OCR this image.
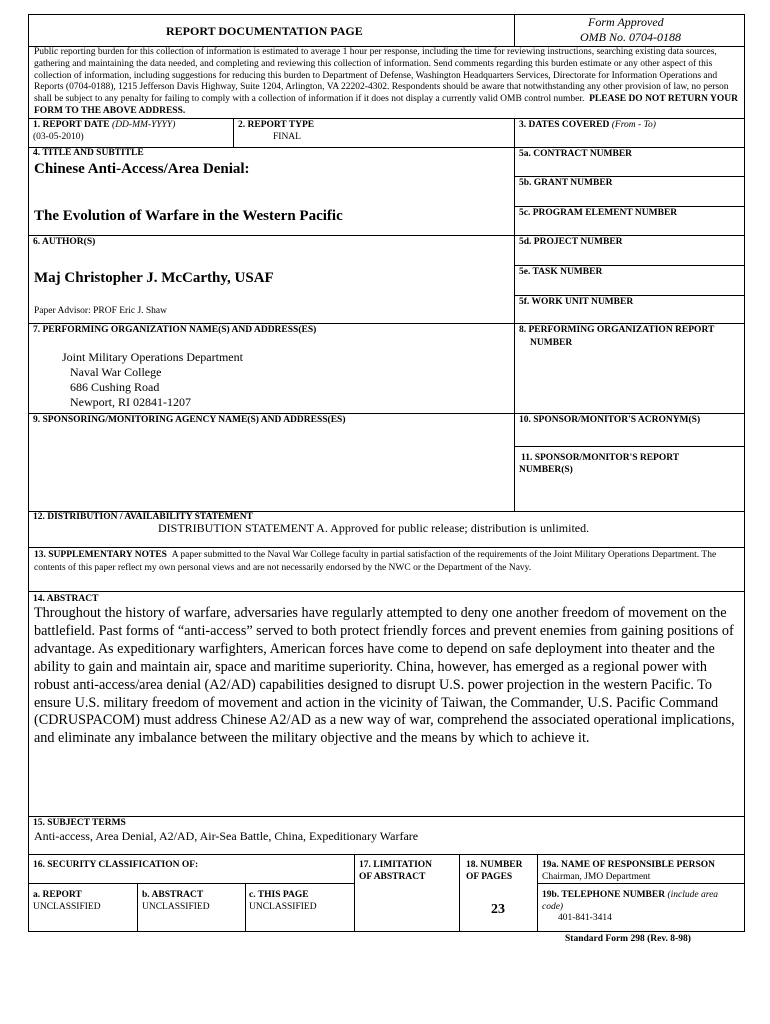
REPORT DOCUMENTATION PAGE
Form Approved
OMB No. 0704-0188
Public reporting burden for this collection of information is estimated to average 1 hour per response, including the time for reviewing instructions, searching existing data sources, gathering and maintaining the data needed, and completing and reviewing this collection of information. Send comments regarding this burden estimate or any other aspect of this collection of information, including suggestions for reducing this burden to Department of Defense, Washington Headquarters Services, Directorate for Information Operations and Reports (0704-0188), 1215 Jefferson Davis Highway, Suite 1204, Arlington, VA 22202-4302. Respondents should be aware that notwithstanding any other provision of law, no person shall be subject to any penalty for failing to comply with a collection of information if it does not display a currently valid OMB control number. PLEASE DO NOT RETURN YOUR FORM TO THE ABOVE ADDRESS.
1. REPORT DATE (DD-MM-YYYY)
(03-05-2010)
2. REPORT TYPE
FINAL
3. DATES COVERED (From - To)
4. TITLE AND SUBTITLE
Chinese Anti-Access/Area Denial:
The Evolution of Warfare in the Western Pacific
5a. CONTRACT NUMBER
5b. GRANT NUMBER
5c. PROGRAM ELEMENT NUMBER
6. AUTHOR(S)
Maj Christopher J. McCarthy, USAF
Paper Advisor: PROF Eric J. Shaw
5d. PROJECT NUMBER
5e. TASK NUMBER
5f. WORK UNIT NUMBER
7. PERFORMING ORGANIZATION NAME(S) AND ADDRESS(ES)
Joint Military Operations Department
Naval War College
686 Cushing Road
Newport, RI 02841-1207
8. PERFORMING ORGANIZATION REPORT
NUMBER
9. SPONSORING/MONITORING AGENCY NAME(S) AND ADDRESS(ES)	10. SPONSOR/MONITOR'S ACRONYM(S)
11. SPONSOR/MONITOR'S REPORT
NUMBER(S)
12. DISTRIBUTION / AVAILABILITY STATEMENT
DISTRIBUTION STATEMENT A. Approved for public release; distribution is unlimited.
13. SUPPLEMENTARY NOTES A paper submitted to the Naval War College faculty in partial satisfaction of the requirements of the Joint Military Operations Department. The contents of this paper reflect my own personal views and are not necessarily endorsed by the NWC or the Department of the Navy.
14. ABSTRACT
Throughout the history of warfare, adversaries have regularly attempted to deny one another freedom of movement on the battlefield. Past forms of “anti-access” served to both protect friendly forces and prevent enemies from gaining positions of advantage. As expeditionary warfighters, American forces have come to depend on safe deployment into theater and the ability to gain and maintain air, space and maritime superiority. China, however, has emerged as a regional power with robust anti-access/area denial (A2/AD) capabilities designed to disrupt U.S. power projection in the western Pacific. To ensure U.S. military freedom of movement and action in the vicinity of Taiwan, the Commander, U.S. Pacific Command (CDRUSPACOM) must address Chinese A2/AD as a new way of war, comprehend the associated operational implications, and eliminate any imbalance between the military objective and the means by which to achieve it.
15. SUBJECT TERMS
Anti-access, Area Denial, A2/AD, Air-Sea Battle, China, Expeditionary Warfare
16. SECURITY CLASSIFICATION OF:
a. REPORT
UNCLASSIFIED
b. ABSTRACT
UNCLASSIFIED
c. THIS PAGE
UNCLASSIFIED
17. LIMITATION
OF ABSTRACT
18. NUMBER
OF PAGES
23
19a. NAME OF RESPONSIBLE PERSON
Chairman, JMO Department
19b. TELEPHONE NUMBER (include area
code)
401-841-3414
Standard Form 298 (Rev. 8-98)
